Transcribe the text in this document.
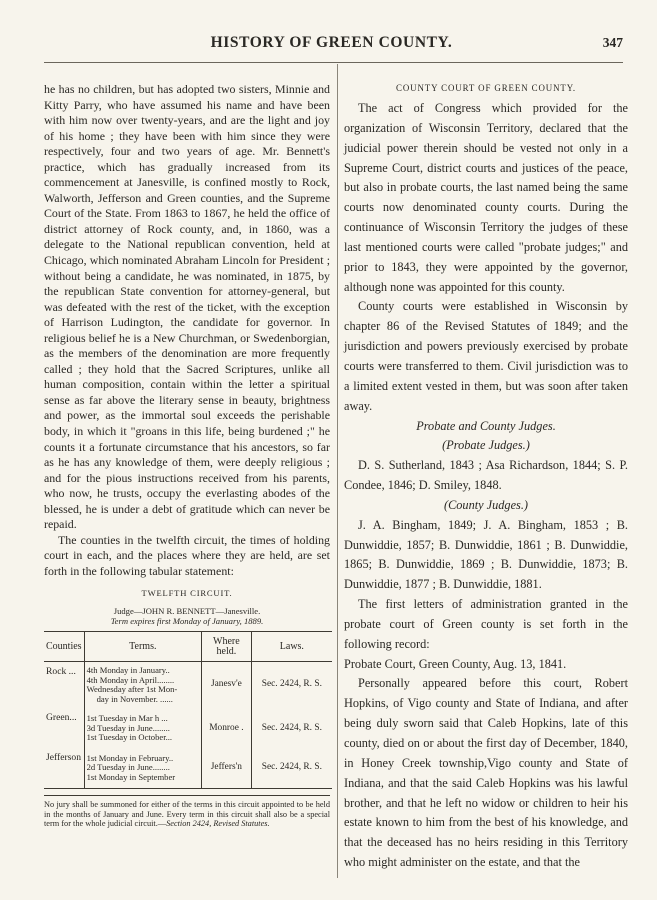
HISTORY OF GREEN COUNTY.	347

he has no children, but has adopted two sisters, Minnie and Kitty Parry, who have assumed his name and have been with him now over twenty-years, and are the light and joy of his home ; they have been with him since they were respectively, four and two years of age. Mr. Bennett's practice, which has gradually increased from its commencement at Janesville, is confined mostly to Rock, Walworth, Jefferson and Green counties, and the Supreme Court of the State. From 1863 to 1867, he held the office of district attorney of Rock county, and, in 1860, was a delegate to the National republican convention, held at Chicago, which nominated Abraham Lincoln for President ; without being a candidate, he was nominated, in 1875, by the republican State convention for attorney-general, but was defeated with the rest of the ticket, with the exception of Harrison Ludington, the candidate for governor. In religious belief he is a New Churchman, or Swedenborgian, as the members of the denomination are more frequently called ; they hold that the Sacred Scriptures, unlike all human composition, contain within the letter a spiritual sense as far above the literary sense in beauty, brightness and power, as the immortal soul exceeds the perishable body, in which it "groans in this life, being burdened ;" he counts it a fortunate circumstance that his ancestors, so far as he has any knowledge of them, were deeply religious ; and for the pious instructions received from his parents, who now, he trusts, occupy the everlasting abodes of the blessed, he is under a debt of gratitude which can never be repaid.

The counties in the twelfth circuit, the times of holding court in each, and the places where they are held, are set forth in the following tabular statement:

TWELFTH CIRCUIT.
Judge—JOHN R. BENNETT—Janesville.
Term expires first Monday of January, 1889.
Counties	Terms.	Where held.	Laws.
Rock ...	4th Monday in January..
4th Monday in April........
Wednesday after 1st Mon-
day in November. ......	Janesv'e	Sec. 2424, R. S.
Green...	1st Tuesday in Mar h ...
3d Tuesday in June........
1st Tuesday in October...	Monroe .	Sec. 2424, R. S.
Jefferson	1st Monday in February..
2d Tuesday in June........
1st Monday in September	Jeffers'n	Sec. 2424, R. S.
No jury shall be summoned for either of the terms in this circuit appointed to be held in the months of January and June. Every term in this circuit shall also be a special term for the whole judicial circuit.—Section 2424, Revised Statutes.
COUNTY COURT OF GREEN COUNTY.

The act of Congress which provided for the organization of Wisconsin Territory, declared that the judicial power therein should be vested not only in a Supreme Court, district courts and justices of the peace, but also in probate courts, the last named being the same courts now denominated county courts. During the continuance of Wisconsin Territory the judges of these last mentioned courts were called "probate judges;" and prior to 1843, they were appointed by the governor, although none was appointed for this county.

County courts were established in Wisconsin by chapter 86 of the Revised Statutes of 1849; and the jurisdiction and powers previously exercised by probate courts were transferred to them. Civil jurisdiction was to a limited extent vested in them, but was soon after taken away.

Probate and County Judges.

(Probate Judges.)

D. S. Sutherland, 1843 ; Asa Richardson, 1844; S. P. Condee, 1846; D. Smiley, 1848.

(County Judges.)

J. A. Bingham, 1849; J. A. Bingham, 1853 ; B. Dunwiddie, 1857; B. Dunwiddie, 1861 ; B. Dunwiddie, 1865; B. Dunwiddie, 1869 ; B. Dunwiddie, 1873; B. Dunwiddie, 1877 ; B. Dunwiddie, 1881.

The first letters of administration granted in the probate court of Green county is set forth in the following record:

Probate Court, Green County, Aug. 13, 1841.

Personally appeared before this court, Robert Hopkins, of Vigo county and State of Indiana, and after being duly sworn said that Caleb Hopkins, late of this county, died on or about the first day of December, 1840, in Honey Creek township,Vigo county and State of Indiana, and that the said Caleb Hopkins was his lawful brother, and that he left no widow or children to heir his estate known to him from the best of his knowledge, and that the deceased has no heirs residing in this Territory who might administer on the estate, and that the
